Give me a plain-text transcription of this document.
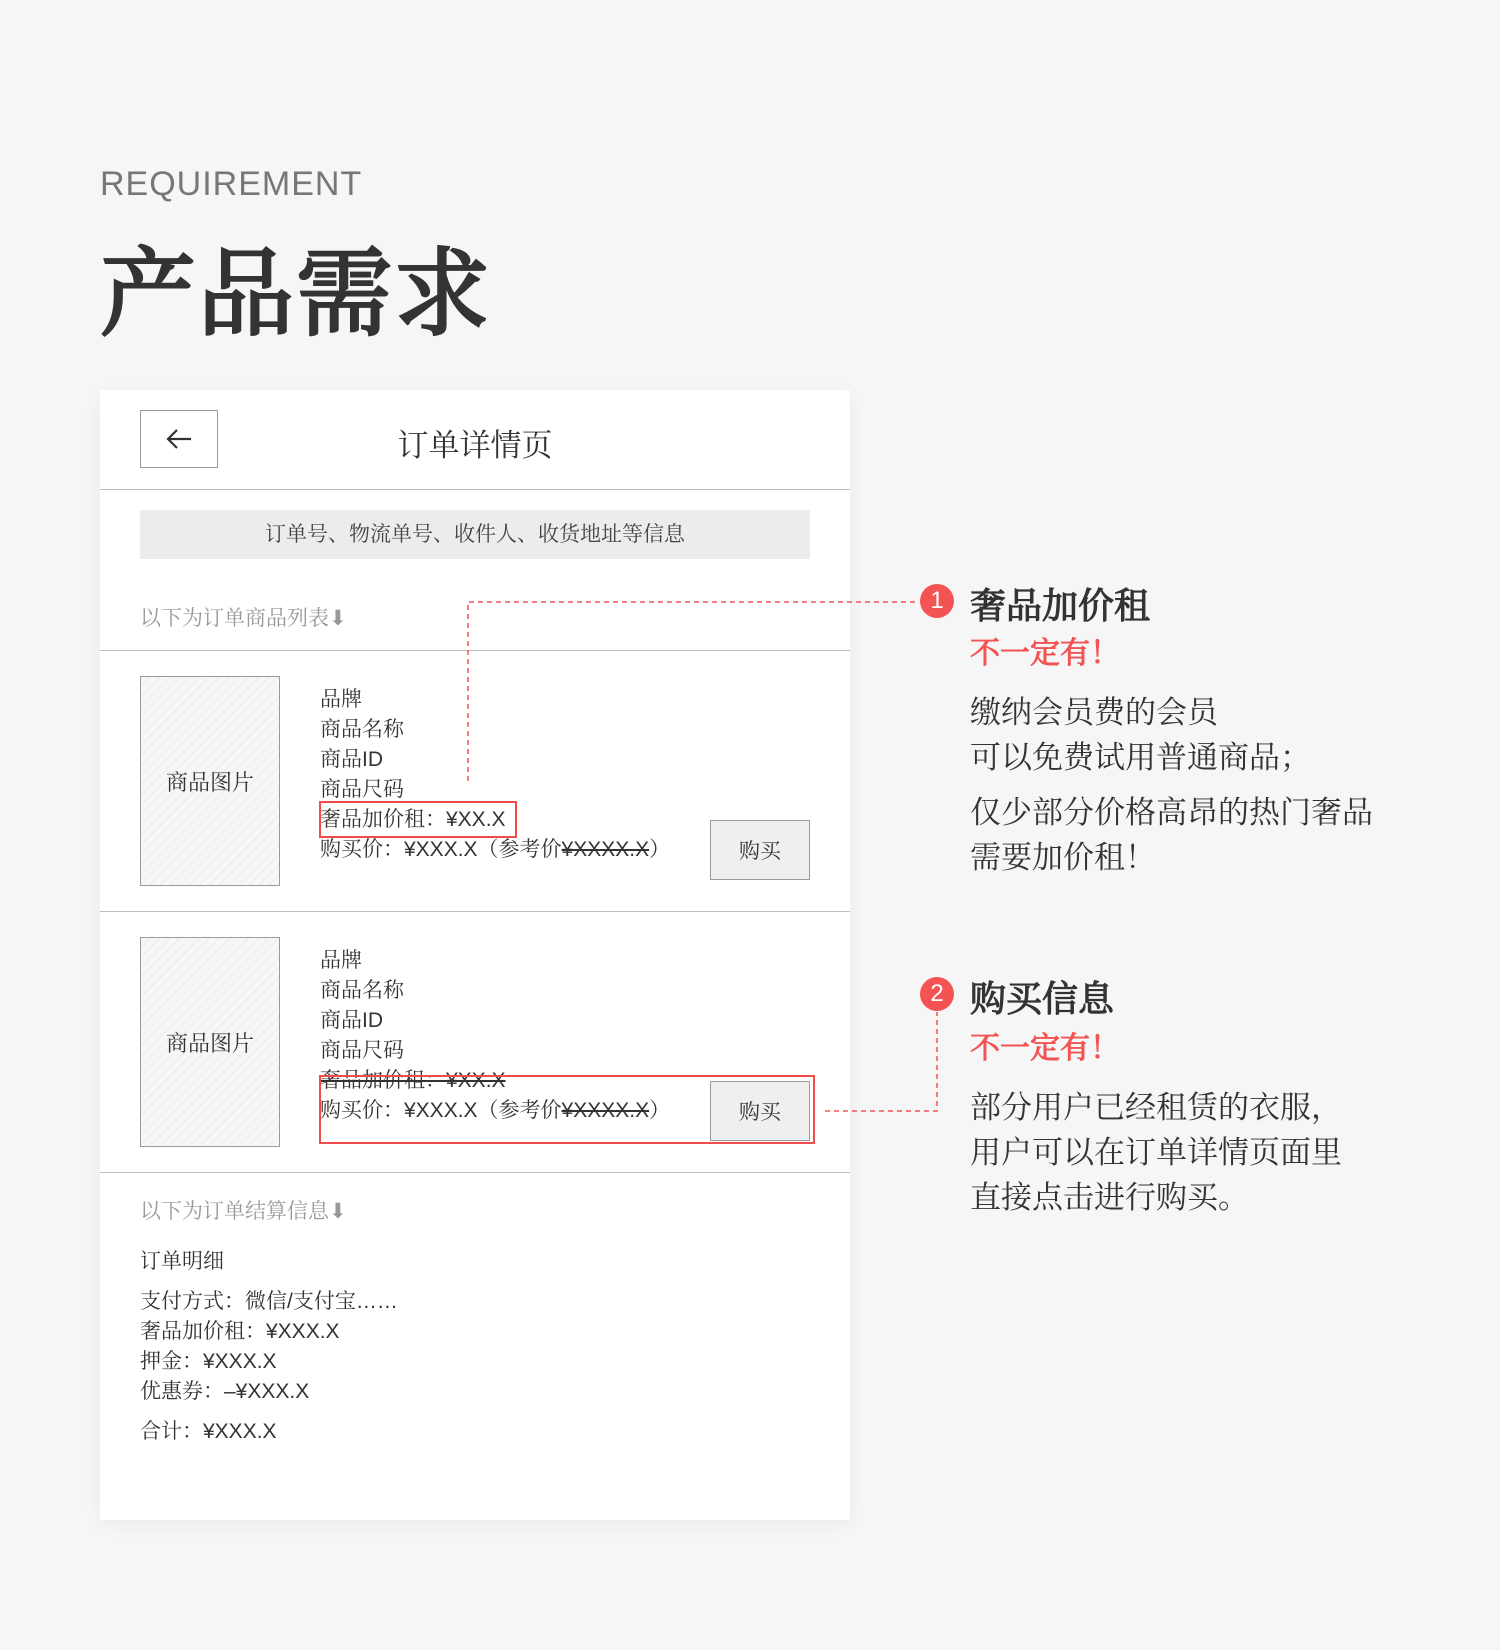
REQUIREMENT
产品需求
订单详情页
订单号、物流单号、收件人、收货地址等信息
以下为订单商品列表⬇
商品图片
品牌
商品名称
商品ID
商品尺码
奢品加价租：¥XX.X
购买价：¥XXX.X（参考价¥XXXX.X）	购买
商品图片
品牌
商品名称
商品ID
商品尺码
奢品加价租：¥XX.X
购买价：¥XXX.X（参考价¥XXXX.X）	购买
以下为订单结算信息⬇
订单明细
支付方式：微信/支付宝……
奢品加价租：¥XXX.X
押金：¥XXX.X
优惠券：–¥XXX.X
合计：¥XXX.X
1 奢品加价租
不一定有！
缴纳会员费的会员
可以免费试用普通商品；
仅少部分价格高昂的热门奢品
需要加价租！
2 购买信息
不一定有！
部分用户已经租赁的衣服，
用户可以在订单详情页面里
直接点击进行购买。
